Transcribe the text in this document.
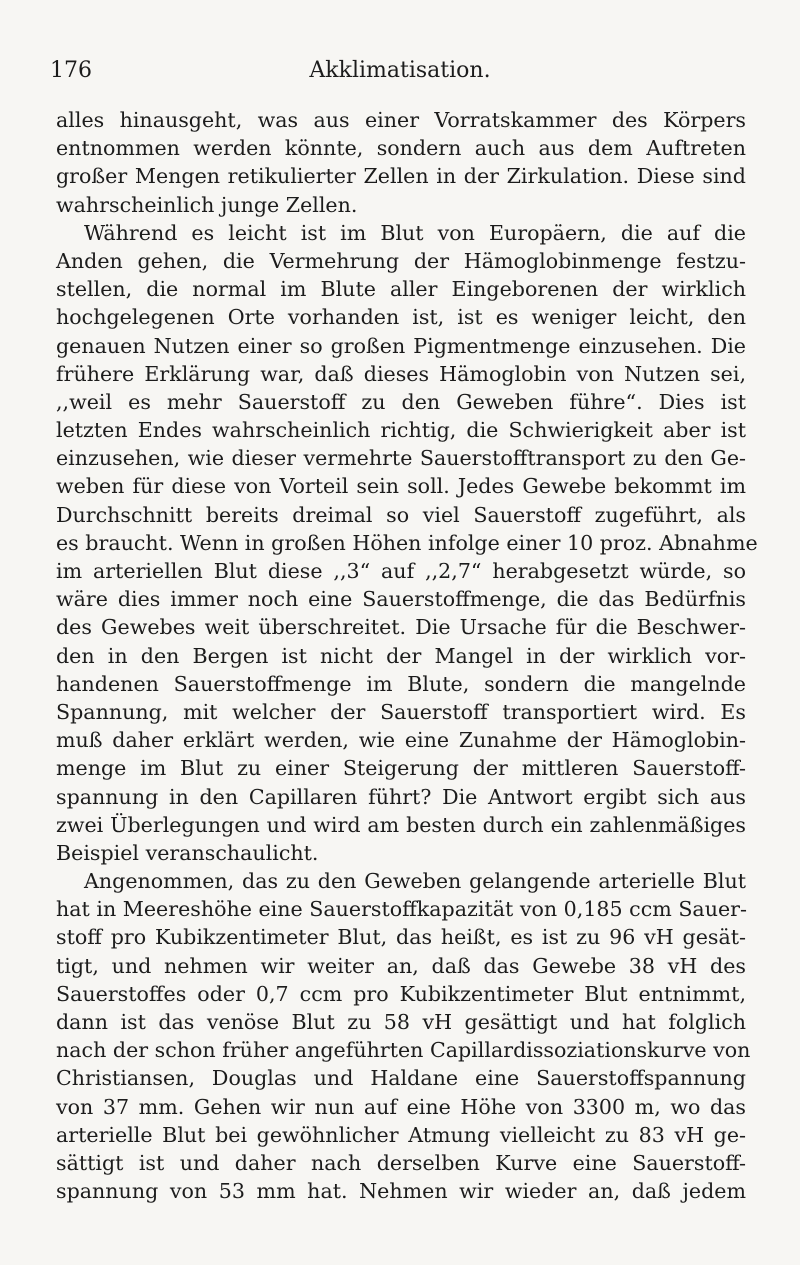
176	Akklimatisation.
alles hinausgeht, was aus einer Vorratskammer des Körpers
entnommen werden könnte, sondern auch aus dem Auftreten
großer Mengen retikulierter Zellen in der Zirkulation. Diese sind
wahrscheinlich junge Zellen.
Während es leicht ist im Blut von Europäern, die auf die
Anden gehen, die Vermehrung der Hämoglobinmenge festzu-
stellen, die normal im Blute aller Eingeborenen der wirklich
hochgelegenen Orte vorhanden ist, ist es weniger leicht, den
genauen Nutzen einer so großen Pigmentmenge einzusehen. Die
frühere Erklärung war, daß dieses Hämoglobin von Nutzen sei,
,,weil es mehr Sauerstoff zu den Geweben führe“. Dies ist
letzten Endes wahrscheinlich richtig, die Schwierigkeit aber ist
einzusehen, wie dieser vermehrte Sauerstofftransport zu den Ge-
weben für diese von Vorteil sein soll. Jedes Gewebe bekommt im
Durchschnitt bereits dreimal so viel Sauerstoff zugeführt, als
es braucht. Wenn in großen Höhen infolge einer 10 proz. Abnahme
im arteriellen Blut diese ,,3“ auf ,,2,7“ herabgesetzt würde, so
wäre dies immer noch eine Sauerstoffmenge, die das Bedürfnis
des Gewebes weit überschreitet. Die Ursache für die Beschwer-
den in den Bergen ist nicht der Mangel in der wirklich vor-
handenen Sauerstoffmenge im Blute, sondern die mangelnde
Spannung, mit welcher der Sauerstoff transportiert wird. Es
muß daher erklärt werden, wie eine Zunahme der Hämoglobin-
menge im Blut zu einer Steigerung der mittleren Sauerstoff-
spannung in den Capillaren führt? Die Antwort ergibt sich aus
zwei Überlegungen und wird am besten durch ein zahlenmäßiges
Beispiel veranschaulicht.
Angenommen, das zu den Geweben gelangende arterielle Blut
hat in Meereshöhe eine Sauerstoffkapazität von 0,185 ccm Sauer-
stoff pro Kubikzentimeter Blut, das heißt, es ist zu 96 vH gesät-
tigt, und nehmen wir weiter an, daß das Gewebe 38 vH des
Sauerstoffes oder 0,7 ccm pro Kubikzentimeter Blut entnimmt,
dann ist das venöse Blut zu 58 vH gesättigt und hat folglich
nach der schon früher angeführten Capillardissoziationskurve von
Christiansen, Douglas und Haldane eine Sauerstoffspannung
von 37 mm. Gehen wir nun auf eine Höhe von 3300 m, wo das
arterielle Blut bei gewöhnlicher Atmung vielleicht zu 83 vH ge-
sättigt ist und daher nach derselben Kurve eine Sauerstoff-
spannung von 53 mm hat. Nehmen wir wieder an, daß jedem
